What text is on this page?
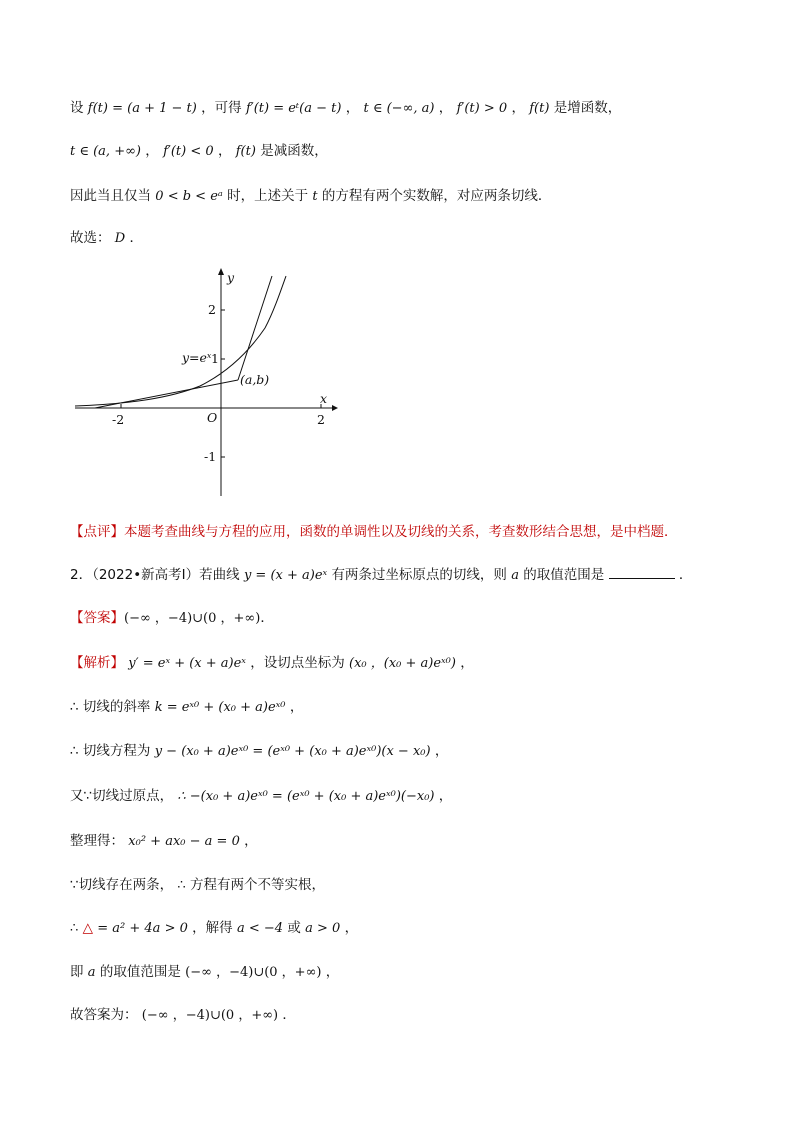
设 f(t) = (a + 1 − t) ，可得 f′(t) = eᵗ(a − t) ， t ∈ (−∞, a) ， f′(t) > 0 ， f(t) 是增函数，
t ∈ (a, +∞) ， f′(t) < 0 ， f(t) 是减函数，
因此当且仅当 0 < b < eᵃ 时，上述关于 t 的方程有两个实数解，对应两条切线．
故选： D ．
y
x
O
y=eˣ
(a,b)
-2	2
2
1
-1
【点评】本题考查曲线与方程的应用，函数的单调性以及切线的关系，考查数形结合思想，是中档题．
2．（2022•新高考Ⅰ）若曲线 y = (x + a)eˣ 有两条过坐标原点的切线，则 a 的取值范围是	．
【答案】(−∞ ，−4)∪(0 ，+∞)．
【解析】 y′ = eˣ + (x + a)eˣ ，设切点坐标为 (x₀ ，(x₀ + a)eˣ⁰) ，
∴ 切线的斜率 k = eˣ⁰ + (x₀ + a)eˣ⁰ ，
∴ 切线方程为 y − (x₀ + a)eˣ⁰ = (eˣ⁰ + (x₀ + a)eˣ⁰)(x − x₀) ，
又∵切线过原点， ∴ −(x₀ + a)eˣ⁰ = (eˣ⁰ + (x₀ + a)eˣ⁰)(−x₀) ，
整理得： x₀² + ax₀ − a = 0 ，
∵切线存在两条， ∴ 方程有两个不等实根，
∴ △ = a² + 4a > 0 ，解得 a < −4 或 a > 0 ，
即 a 的取值范围是 (−∞ ，−4)∪(0 ，+∞) ，
故答案为： (−∞ ，−4)∪(0 ，+∞) ．
